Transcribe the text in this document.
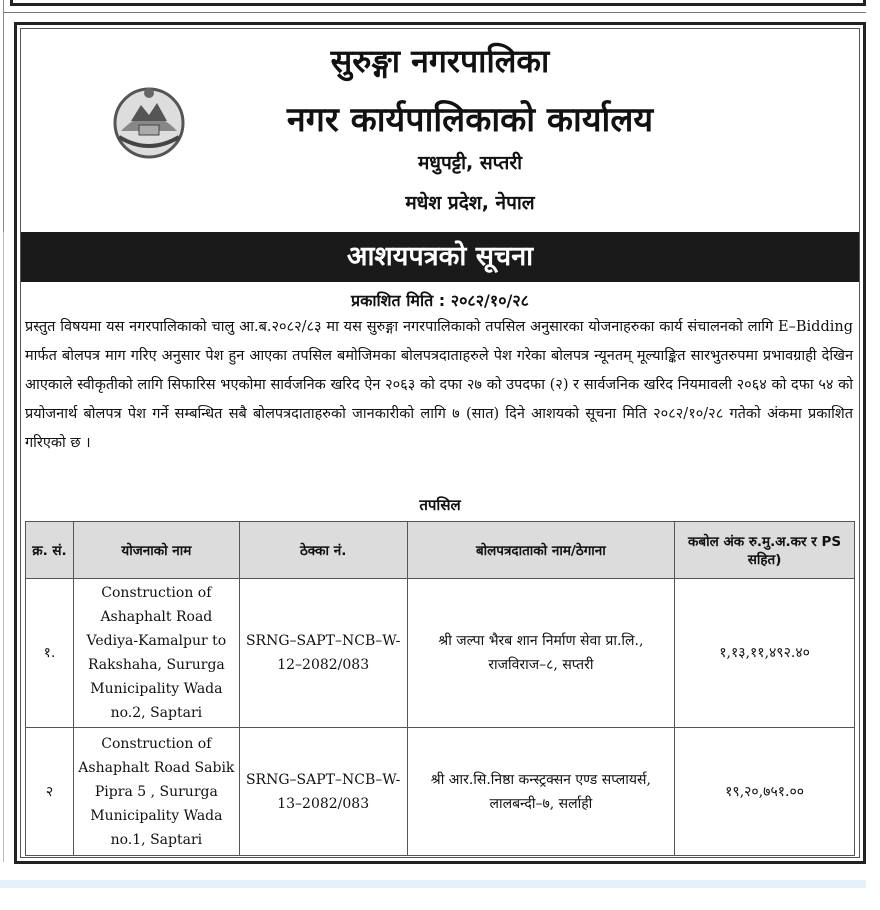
सुरुङ्गा नगरपालिका
नगर कार्यपालिकाको कार्यालय
मधुपट्टी, सप्तरी
मधेश प्रदेश, नेपाल
आशयपत्रको सूचना
प्रकाशित मिति : २०८२/१०/२८
प्रस्तुत विषयमा यस नगरपालिकाको चालु आ.ब.२०८२/८३ मा यस सुरुङ्गा नगरपालिकाको तपसिल अनुसारका योजनाहरुका कार्य संचालनको लागि E–Bidding मार्फत बोलपत्र माग गरिए अनुसार पेश हुन आएका तपसिल बमोजिमका बोलपत्रदाताहरुले पेश गरेका बोलपत्र न्यूनतम् मूल्याङ्कित सारभुतरुपमा प्रभावग्राही देखिन आएकाले स्वीकृतीको लागि सिफारिस भएकोमा सार्वजनिक खरिद ऐन २०६३ को दफा २७ को उपदफा (२) र सार्वजनिक खरिद नियमावली २०६४ को दफा ५४ को प्रयोजनार्थ बोलपत्र पेश गर्ने सम्बन्धित सबै बोलपत्रदाताहरुको जानकारीको लागि ७ (सात) दिने आशयको सूचना मिति २०८२/१०/२८ गतेको अंकमा प्रकाशित गरिएको छ ।
तपसिल
क्र. सं.	योजनाको नाम	ठेक्का नं.	बोलपत्रदाताको नाम/ठेगाना	कबोल अंक रु.मु.अ.कर र PS सहित)
१.	Construction of Ashaphalt Road Vediya-Kamalpur to Rakshaha, Sururga Municipality Wada no.2, Saptari	SRNG–SAPT–NCB–W-12–2082/083	श्री जल्पा भैरब शान निर्माण सेवा प्रा.लि., राजविराज–८, सप्तरी	१,१३,११,४९२.४०
२	Construction of Ashaphalt Road Sabik Pipra 5 , Sururga Municipality Wada no.1, Saptari	SRNG–SAPT–NCB–W-13–2082/083	श्री आर.सि.निष्ठा कन्स्ट्रक्सन एण्ड सप्लायर्स, लालबन्दी–७, सर्लाही	१९,२०,७५१.००
